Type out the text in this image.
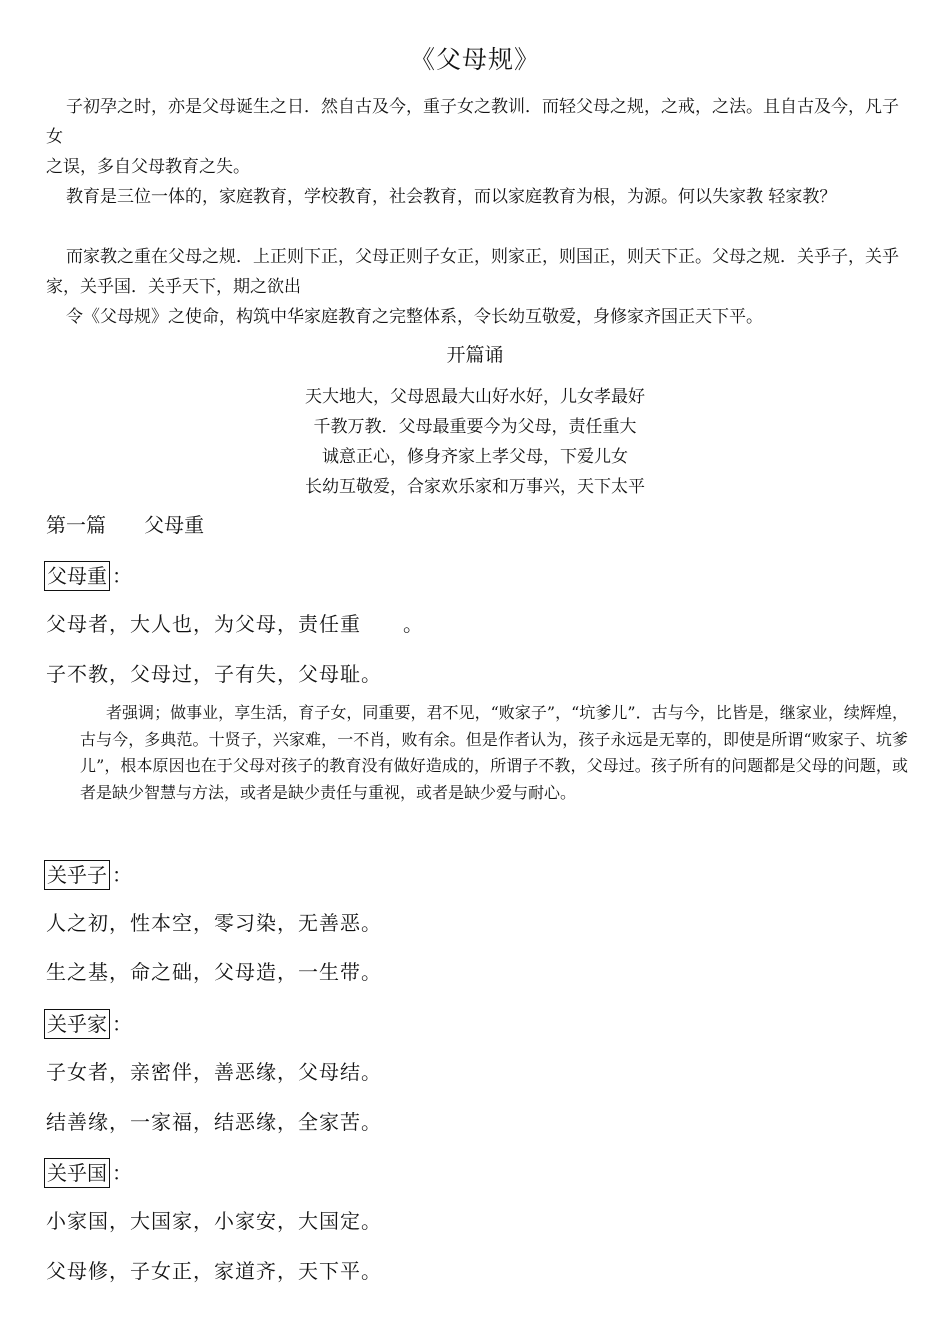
《父母规》

子初孕之时，亦是父母诞生之日．然自古及今，重子女之教训．而轻父母之规，之戒，之法。且自古及今，凡子女

之误，多自父母教育之失。

教育是三位一体的，家庭教育，学校教育，社会教育，而以家庭教育为根，为源。何以失家教 轻家教？

而家教之重在父母之规．上正则下正，父母正则子女正，则家正，则国正，则天下正。父母之规．关乎子，关乎家，关乎国．关乎天下，期之欲出

令《父母规》之使命，构筑中华家庭教育之完整体系，令长幼互敬爱，身修家齐国正天下平。

开篇诵
天大地大，父母恩最大山好水好，儿女孝最好
千教万教．父母最重要今为父母，责任重大
诚意正心，修身齐家上孝父母，下爱儿女
长幼互敬爱，合家欢乐家和万事兴，天下太平
第一篇 父母重
父母重 ：
父母者，大人也，为父母，责任重　　。
子不教，父母过，子有失，父母耻。

者强调；做事业，享生活，育子女，同重要，君不见，“败家子”，“坑爹儿”．古与今，比皆是，继家业，续辉煌，古与今，多典范。十贤子，兴家难，一不肖，败有余。但是作者认为，孩子永远是无辜的，即使是所谓“败家子、坑爹儿”，根本原因也在于父母对孩子的教育没有做好造成的，所谓子不教，父母过。孩子所有的问题都是父母的问题，或者是缺少智慧与方法，或者是缺少责任与重视，或者是缺少爱与耐心。

关乎子 ：
人之初，性本空，零习染，无善恶。
生之基，命之础，父母造，一生带。
关乎家 ：
子女者，亲密伴，善恶缘，父母结。
结善缘，一家福，结恶缘，全家苦。
关乎国 ：
小家国，大国家，小家安，大国定。
父母修，子女正，家道齐，天下平。
